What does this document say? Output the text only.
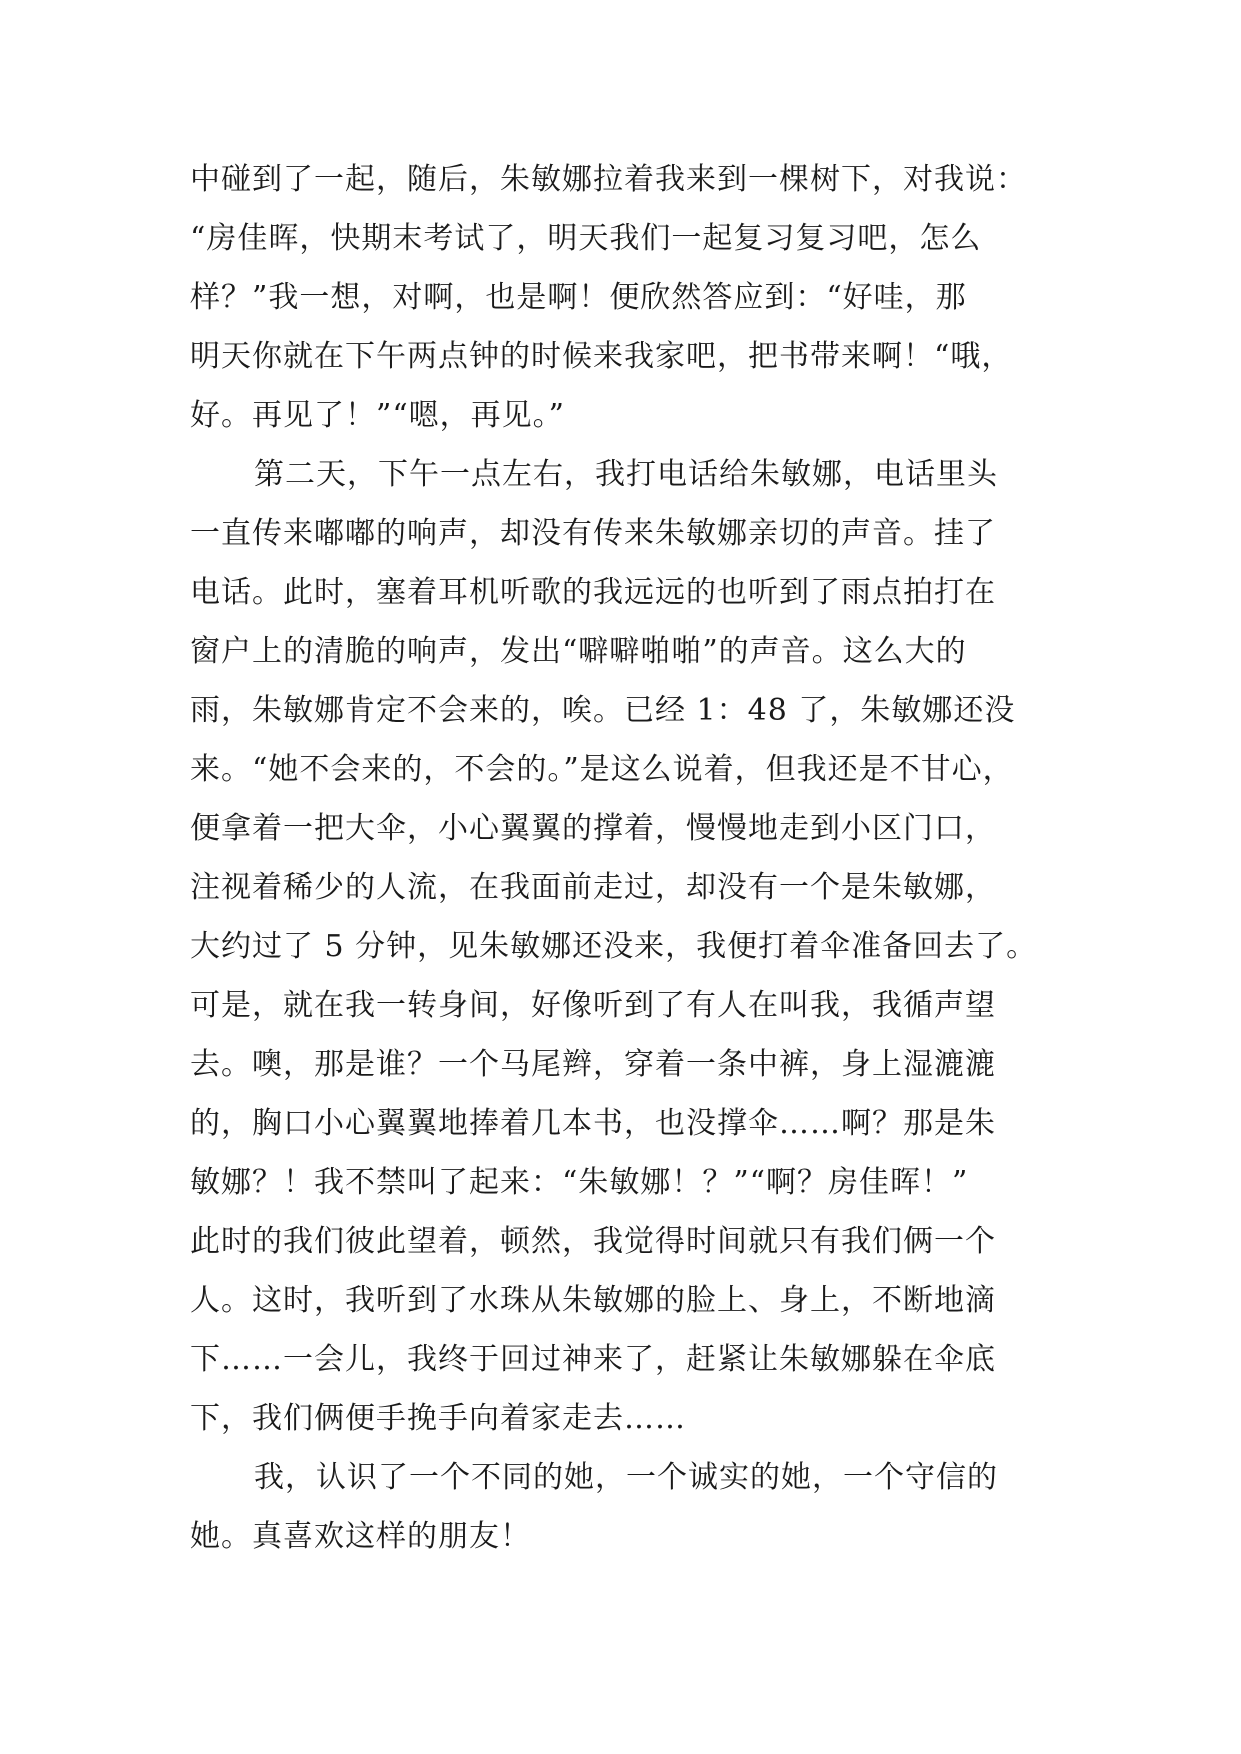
中碰到了一起，随后，朱敏娜拉着我来到一棵树下，对我说：
“房佳晖，快期末考试了，明天我们一起复习复习吧，怎么
样？”我一想，对啊，也是啊！便欣然答应到：“好哇，那
明天你就在下午两点钟的时候来我家吧，把书带来啊！“哦，
好。再见了！”“嗯，再见。”
第二天，下午一点左右，我打电话给朱敏娜，电话里头
一直传来嘟嘟的响声，却没有传来朱敏娜亲切的声音。挂了
电话。此时，塞着耳机听歌的我远远的也听到了雨点拍打在
窗户上的清脆的响声，发出“噼噼啪啪”的声音。这么大的
雨，朱敏娜肯定不会来的，唉。已经 1：48 了，朱敏娜还没
来。“她不会来的，不会的。”是这么说着，但我还是不甘心，
便拿着一把大伞，小心翼翼的撑着，慢慢地走到小区门口，
注视着稀少的人流，在我面前走过，却没有一个是朱敏娜，
大约过了 5 分钟，见朱敏娜还没来，我便打着伞准备回去了。
可是，就在我一转身间，好像听到了有人在叫我，我循声望
去。噢，那是谁？一个马尾辫，穿着一条中裤，身上湿漉漉
的，胸口小心翼翼地捧着几本书，也没撑伞……啊？那是朱
敏娜？！我不禁叫了起来：“朱敏娜！？”“啊？房佳晖！”
此时的我们彼此望着，顿然，我觉得时间就只有我们俩一个
人。这时，我听到了水珠从朱敏娜的脸上、身上，不断地滴
下……一会儿，我终于回过神来了，赶紧让朱敏娜躲在伞底
下，我们俩便手挽手向着家走去……
我，认识了一个不同的她，一个诚实的她，一个守信的
她。真喜欢这样的朋友！
